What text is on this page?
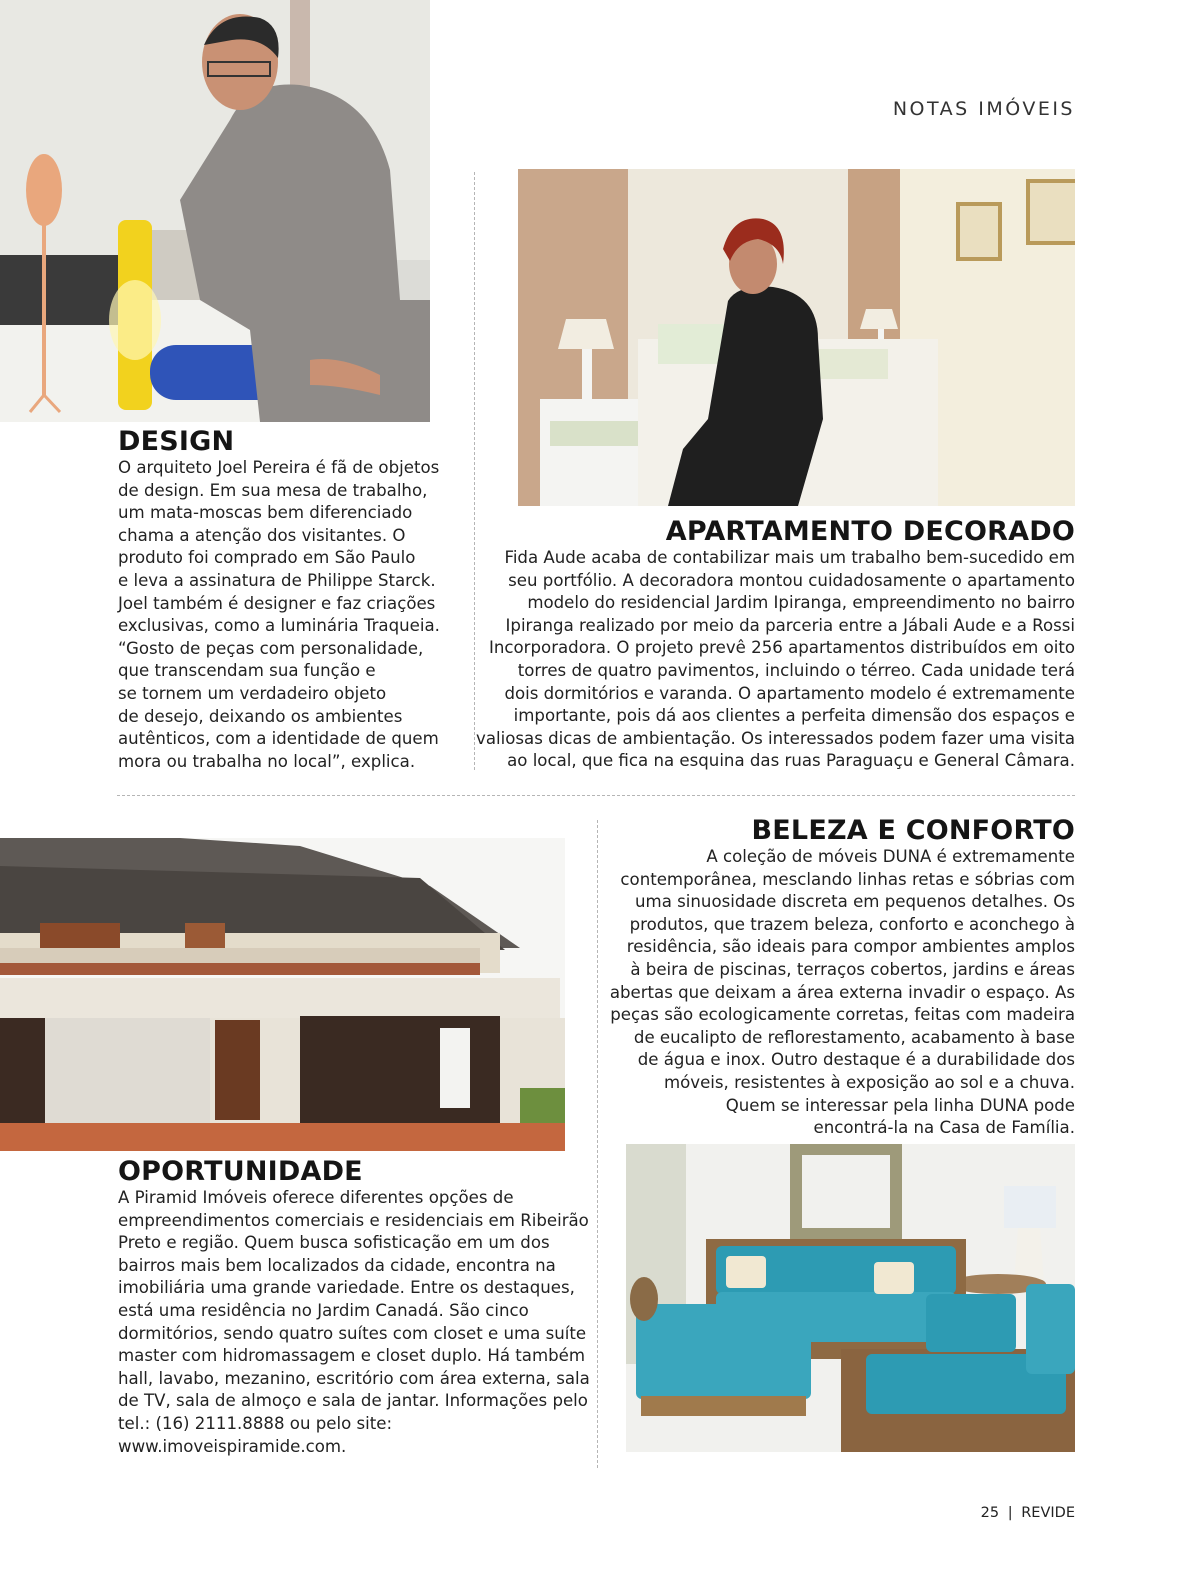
NOTAS IMÓVEIS
DESIGN
O arquiteto Joel Pereira é fã de objetos
de design. Em sua mesa de trabalho,
um mata-moscas bem diferenciado
chama a atenção dos visitantes. O
produto foi comprado em São Paulo
e leva a assinatura de Philippe Starck.
Joel também é designer e faz criações
exclusivas, como a luminária Traqueia.
“Gosto de peças com personalidade,
que transcendam sua função e
se tornem um verdadeiro objeto
de desejo, deixando os ambientes
autênticos, com a identidade de quem
mora ou trabalha no local”, explica.
APARTAMENTO DECORADO
Fida Aude acaba de contabilizar mais um trabalho bem-sucedido em
seu portfólio. A decoradora montou cuidadosamente o apartamento
modelo do residencial Jardim Ipiranga, empreendimento no bairro
Ipiranga realizado por meio da parceria entre a Jábali Aude e a Rossi
Incorporadora. O projeto prevê 256 apartamentos distribuídos em oito
torres de quatro pavimentos, incluindo o térreo. Cada unidade terá
dois dormitórios e varanda. O apartamento modelo é extremamente
importante, pois dá aos clientes a perfeita dimensão dos espaços e
valiosas dicas de ambientação. Os interessados podem fazer uma visita
ao local, que fica na esquina das ruas Paraguaçu e General Câmara.
OPORTUNIDADE
A Piramid Imóveis oferece diferentes opções de
empreendimentos comerciais e residenciais em Ribeirão
Preto e região. Quem busca sofisticação em um dos
bairros mais bem localizados da cidade, encontra na
imobiliária uma grande variedade. Entre os destaques,
está uma residência no Jardim Canadá. São cinco
dormitórios, sendo quatro suítes com closet e uma suíte
master com hidromassagem e closet duplo. Há também
hall, lavabo, mezanino, escritório com área externa, sala
de TV, sala de almoço e sala de jantar. Informações pelo
tel.: (16) 2111.8888 ou pelo site:
www.imoveispiramide.com.
BELEZA E CONFORTO
A coleção de móveis DUNA é extremamente
contemporânea, mesclando linhas retas e sóbrias com
uma sinuosidade discreta em pequenos detalhes. Os
produtos, que trazem beleza, conforto e aconchego à
residência, são ideais para compor ambientes amplos
à beira de piscinas, terraços cobertos, jardins e áreas
abertas que deixam a área externa invadir o espaço. As
peças são ecologicamente corretas, feitas com madeira
de eucalipto de reflorestamento, acabamento à base
de água e inox. Outro destaque é a durabilidade dos
móveis, resistentes à exposição ao sol e a chuva.
Quem se interessar pela linha DUNA pode
encontrá-la na Casa de Família.
25 | REVIDE
